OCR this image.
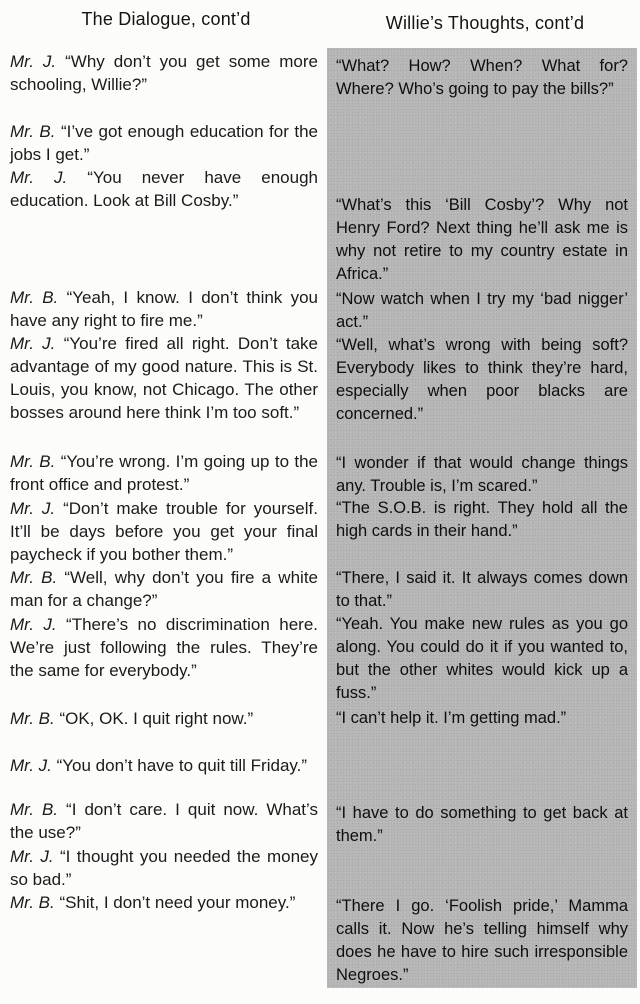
The Dialogue, cont’d	Willie’s Thoughts, cont’d
Mr. J. “Why don’t you get some more schooling, Willie?”
Mr. B. “I’ve got enough education for the jobs I get.”
Mr. J. “You never have enough education. Look at Bill Cosby.”
Mr. B. “Yeah, I know. I don’t think you have any right to fire me.”
Mr. J. “You’re fired all right. Don’t take advantage of my good nature. This is St. Louis, you know, not Chicago. The other bosses around here think I’m too soft.”
Mr. B. “You’re wrong. I’m going up to the front office and protest.”
Mr. J. “Don’t make trouble for yourself. It’ll be days before you get your final paycheck if you bother them.”
Mr. B. “Well, why don’t you fire a white man for a change?”
Mr. J. “There’s no discrimination here. We’re just following the rules. They’re the same for everybody.”
Mr. B. “OK, OK. I quit right now.”
Mr. J. “You don’t have to quit till Friday.”
Mr. B. “I don’t care. I quit now. What’s the use?”
Mr. J. “I thought you needed the money so bad.”
Mr. B. “Shit, I don’t need your money.”
“What? How? When? What for? Where? Who’s going to pay the bills?”
“What’s this ‘Bill Cosby’? Why not Henry Ford? Next thing he’ll ask me is why not retire to my country estate in Africa.”
“Now watch when I try my ‘bad nigger’ act.”
“Well, what’s wrong with being soft? Everybody likes to think they’re hard, especially when poor blacks are concerned.”
“I wonder if that would change things any. Trouble is, I’m scared.”
“The S.O.B. is right. They hold all the high cards in their hand.”
“There, I said it. It always comes down to that.”
“Yeah. You make new rules as you go along. You could do it if you wanted to, but the other whites would kick up a fuss.”
“I can’t help it. I’m getting mad.”
“I have to do something to get back at them.”
“There I go. ‘Foolish pride,’ Mamma calls it. Now he’s telling himself why does he have to hire such irresponsible Negroes.”
